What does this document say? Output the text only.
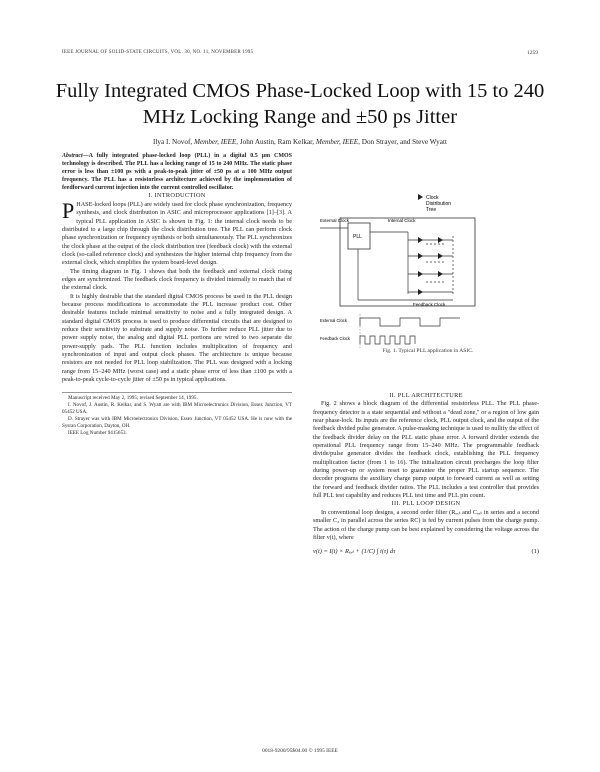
IEEE JOURNAL OF SOLID-STATE CIRCUITS, VOL. 30, NO. 11, NOVEMBER 1995	1259
Fully Integrated CMOS Phase-Locked Loop with 15 to 240 MHz Locking Range and ±50 ps Jitter
Ilya I. Novof, Member, IEEE, John Austin, Ram Kelkar, Member, IEEE, Don Strayer, and Steve Wyatt

Abstract—A fully integrated phase-locked loop (PLL) in a digital 0.5 μm CMOS technology is described. The PLL has a locking range of 15 to 240 MHz. The static phase error is less than ±100 ps with a peak-to-peak jitter of ±50 ps at a 100 MHz output frequency. The PLL has a resistorless architecture achieved by the implementation of feedforward current injection into the current controlled oscillator.

I. INTRODUCTION

PHASE-locked loops (PLL) are widely used for clock phase synchronization, frequency synthesis, and clock distribution in ASIC and microprocessor applications [1]–[3]. A typical PLL application in ASIC is shown in Fig. 1: the internal clock needs to be distributed to a large chip through the clock distribution tree. The PLL can perform clock phase synchronization or frequency synthesis or both simultaneously. The PLL synchronizes the clock phase at the output of the clock distribution tree (feedback clock) with the external clock (so-called reference clock) and synthesizes the higher internal chip frequency from the external clock, which simplifies the system board-level design.

The timing diagram in Fig. 1 shows that both the feedback and external clock rising edges are synchronized. The feedback clock frequency is divided internally to match that of the external clock.

It is highly desirable that the standard digital CMOS process be used in the PLL design because process modifications to accommodate the PLL increase product cost. Other desirable features include minimal sensitivity to noise and a fully integrated design. A standard digital CMOS process is used to produce differential circuits that are designed to reduce their sensitivity to substrate and supply noise. To further reduce PLL jitter due to power supply noise, the analog and digital PLL portions are wired to two separate die power-supply pads. The PLL function includes multiplication of frequency and synchronization of input and output clock phases. The architecture is unique because resistors are not needed for PLL loop stabilization. The PLL was designed with a locking range from 15–240 MHz (worst case) and a static phase error of less than ±100 ps with a peak-to-peak cycle-to-cycle jitter of ±50 ps in typical applications.

Manuscript received May 2, 1995; revised September 14, 1995.

I. Novof, J. Austin, R. Kelkar, and S. Wyatt are with IBM Microelectronics Division, Essex Junction, VT 05452 USA.

D. Strayer was with IBM Microelectronics Division, Essex Junction, VT 05452 USA. He is now with the Sysran Corporation, Dayton, OH.

IEEE Log Number 9415653.

Clock
Distribution
Tree
External Clock
PLL
Internal Clock
Feedback Clock
External Clock
Feedback Clock
Fig. 1. Typical PLL application in ASIC.

II. PLL ARCHITECTURE

Fig. 2 shows a block diagram of the differential resistorless PLL. The PLL phase-frequency detector is a state sequential and without a "dead zone," or a region of low gain near phase-lock. Its inputs are the reference clock, PLL output clock, and the output of the feedback divided pulse generator. A pulse-masking technique is used to nullify the effect of the feedback divider delay on the PLL static phase error. A forward divider extends the operational PLL frequency range from 15–240 MHz. The programmable feedback divide/pulse generator divides the feedback clock, establishing the PLL frequency multiplication factor (from 1 to 16). The initialization circuit precharges the loop filter during power-up or system reset to guarantee the proper PLL startup sequence. The decoder programs the auxiliary charge pump output to forward current as well as setting the forward and feedback divider ratios. The PLL includes a test controller that provides full PLL test capability and reduces PLL test time and PLL pin count.

III. PLL LOOP DESIGN

In conventional loop designs, a second order filter (Rₑₓₜ and Cₑₓₜ in series and a second smaller C₂ in parallel across the series RC) is fed by current pulses from the charge pump. The action of the charge pump can be best explained by considering the voltage across the filter v(t), where

v(t) = I(t) × Rₑₓₜ + (1/C) ∫ i(τ) dτ	(1)
0018-9200/95$04.00 © 1995 IEEE
